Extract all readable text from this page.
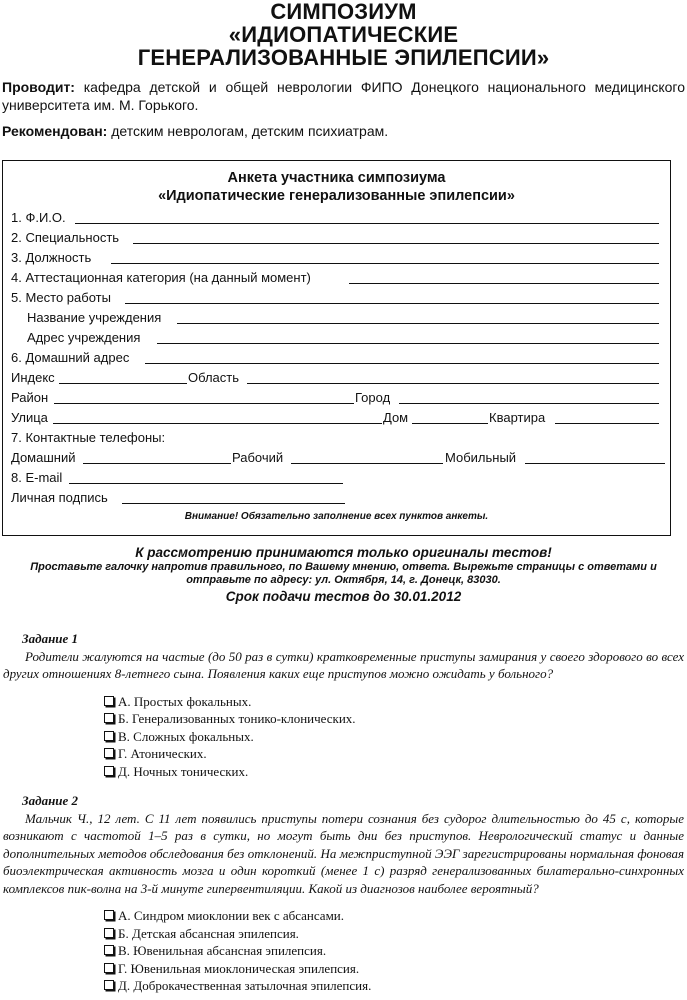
СИМПОЗИУМ
«ИДИОПАТИЧЕСКИЕ
ГЕНЕРАЛИЗОВАННЫЕ ЭПИЛЕПСИИ»

Проводит: кафедра детской и общей неврологии ФИПО Донецкого национального медицинского университета им. М. Горького.

Рекомендован: детским неврологам, детским психиатрам.

Анкета участника симпозиума
«Идиопатические генерализованные эпилепсии»
1. Ф.И.О.
2. Специальность
3. Должность
4. Аттестационная категория (на данный момент)
5. Место работы
Название учреждения
Адрес учреждения
6. Домашний адрес
Индекс	Область
Район	Город
Улица	Дом	Квартира
7. Контактные телефоны:
Домашний	Рабочий	Мобильный
8. E-mail
Личная подпись
Внимание! Обязательно заполнение всех пунктов анкеты.
К рассмотрению принимаются только оригиналы тестов!
Проставьте галочку напротив правильного, по Вашему мнению, ответа. Вырежьте страницы с ответами и отправьте по адресу: ул. Октября, 14, г. Донецк, 83030.
Срок подачи тестов до 30.01.2012
Задание 1
Родители жалуются на частые (до 50 раз в сутки) кратковременные приступы замирания у своего здорового во всех других отношениях 8-летнего сына. Появления каких еще приступов можно ожидать у больного?
А. Простых фокальных.
Б. Генерализованных тонико-клонических.
В. Сложных фокальных.
Г. Атонических.
Д. Ночных тонических.
Задание 2
Мальчик Ч., 12 лет. С 11 лет появились приступы потери сознания без судорог длительностью до 45 с, которые возникают с частотой 1–5 раз в сутки, но могут быть дни без приступов. Неврологический статус и данные дополнительных методов обследования без отклонений. На межприступной ЭЭГ зарегистрированы нормальная фоновая биоэлектрическая активность мозга и один короткий (менее 1 с) разряд генерализованных билатерально-синхронных комплексов пик-волна на 3-й минуте гипервентиляции. Какой из диагнозов наиболее вероятный?
А. Синдром миоклонии век с абсансами.
Б. Детская абсансная эпилепсия.
В. Ювенильная абсансная эпилепсия.
Г. Ювенильная миоклоническая эпилепсия.
Д. Доброкачественная затылочная эпилепсия.
